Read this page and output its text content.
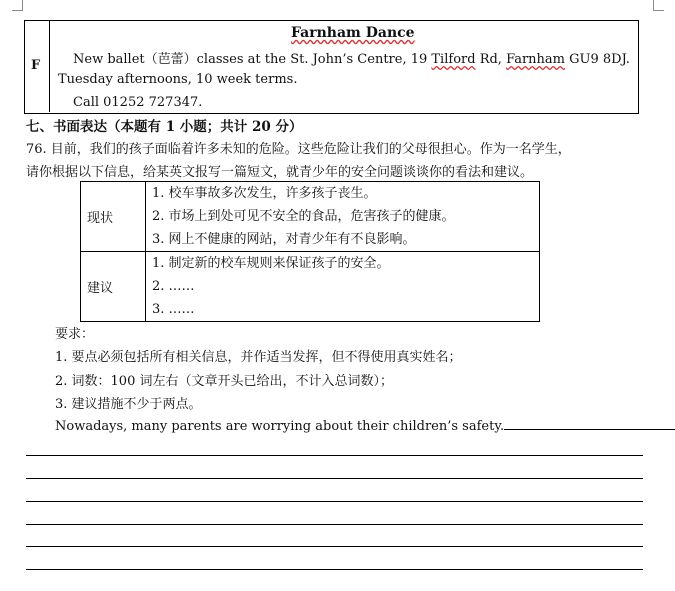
F
Farnham Dance
New ballet（芭蕾）classes at the St. John’s Centre, 19 Tilford Rd, Farnham GU9 8DJ.
Tuesday afternoons, 10 week terms.
Call 01252 727347.
七、书面表达（本题有 1 小题；共计 20 分）
76. 目前，我们的孩子面临着许多未知的危险。这些危险让我们的父母很担心。作为一名学生，
请你根据以下信息，给某英文报写一篇短文，就青少年的安全问题谈谈你的看法和建议。
现状	1. 校车事故多次发生，许多孩子丧生。
2. 市场上到处可见不安全的食品，危害孩子的健康。
3. 网上不健康的网站，对青少年有不良影响。

建议	1. 制定新的校车规则来保证孩子的安全。
2. ……
3. ……
要求：
1. 要点必须包括所有相关信息，并作适当发挥，但不得使用真实姓名；
2. 词数：100 词左右（文章开头已给出，不计入总词数）；
3. 建议措施不少于两点。
Nowadays, many parents are worrying about their children’s safety.
